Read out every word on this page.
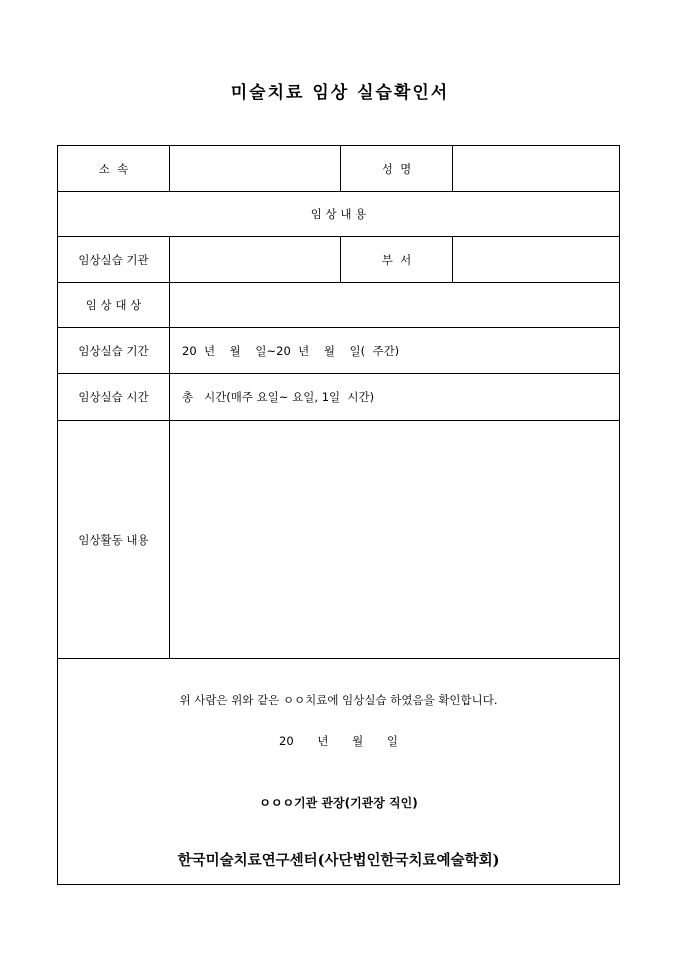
미술치료 임상 실습확인서
소  속		성  명	
임 상 내 용			
임상실습 기관		부  서	
임 상 대 상			
임상실습 기간	20  년    월    일~20  년    월    일(  주간)		
임상실습 시간	총   시간(매주 요일~ 요일, 1일  시간)		
임상활동 내용			

위 사람은 위와 같은 ㅇㅇ치료에 임상실습 하였음을 확인합니다.
20 년 월 일
ㅇㅇㅇ기관 관장(기관장 직인)
한국미술치료연구센터(사단법인한국치료예술학회)			
